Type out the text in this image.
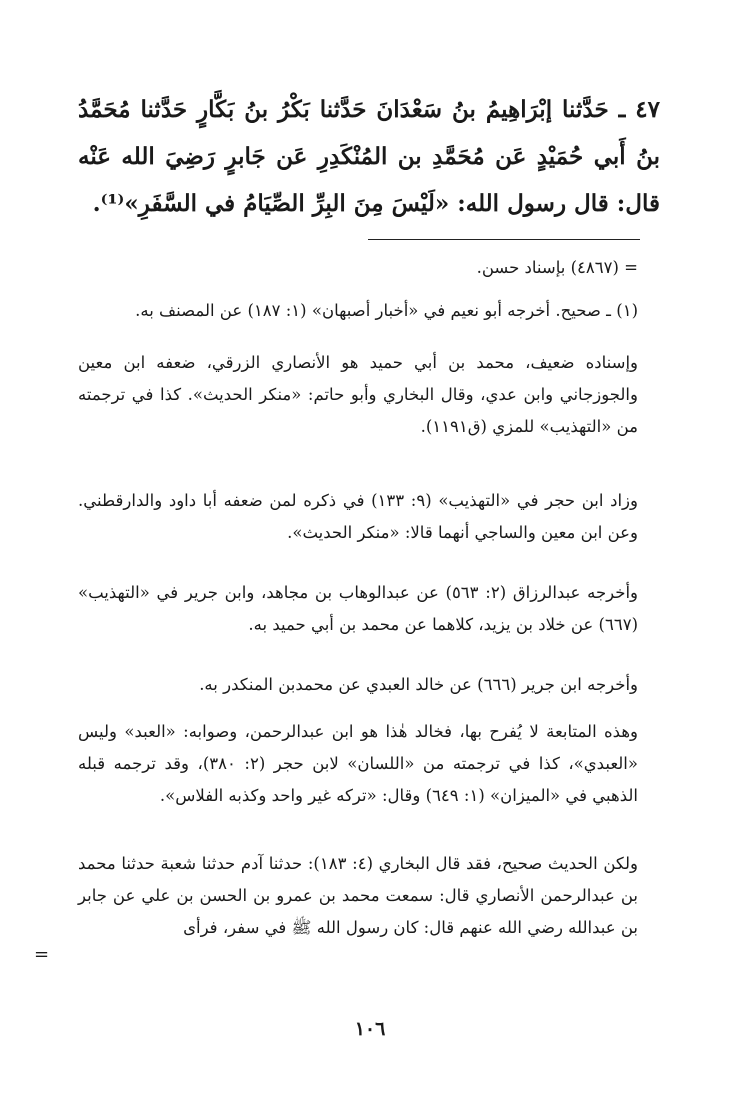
٤٧ ـ حَدَّثنا إبْرَاهِيمُ بنُ سَعْدَانَ حَدَّثنا بَكْرُ بنُ بَكَّارٍ حَدَّثنا مُحَمَّدُ بنُ أَبي حُمَيْدٍ عَن مُحَمَّدِ بن المُنْكَدِرِ عَن جَابرٍ رَضِيَ الله عَنْه قال: قال رسول الله: «لَيْسَ مِنَ البِرِّ الصِّيَامُ في السَّفَرِ»⁽¹⁾.
= (٤٨٦٧) بإسناد حسن.
(١) ـ صحيح. أخرجه أبو نعيم في «أخبار أصبهان» (١: ١٨٧) عن المصنف به.
وإسناده ضعيف، محمد بن أبي حميد هو الأنصاري الزرقي، ضعفه ابن معين والجوزجاني وابن عدي، وقال البخاري وأبو حاتم: «منكر الحديث». كذا في ترجمته من «التهذيب» للمزي (ق١١٩١).
وزاد ابن حجر في «التهذيب» (٩: ١٣٣) في ذكره لمن ضعفه أبا داود والدارقطني. وعن ابن معين والساجي أنهما قالا: «منكر الحديث».
وأخرجه عبدالرزاق (٢: ٥٦٣) عن عبدالوهاب بن مجاهد، وابن جرير في «التهذيب» (٦٦٧) عن خلاد بن يزيد، كلاهما عن محمد بن أبي حميد به.
وأخرجه ابن جرير (٦٦٦) عن خالد العبدي عن محمدبن المنكدر به.
وهذه المتابعة لا يُفرح بها، فخالد هٰذا هو ابن عبدالرحمن، وصوابه: «العبد» وليس «العبدي»، كذا في ترجمته من «اللسان» لابن حجر (٢: ٣٨٠)، وقد ترجمه قبله الذهبي في «الميزان» (١: ٦٤٩) وقال: «تركه غير واحد وكذبه الفلاس».
ولكن الحديث صحيح، فقد قال البخاري (٤: ١٨٣): حدثنا آدم حدثنا شعبة حدثنا محمد بن عبدالرحمن الأنصاري قال: سمعت محمد بن عمرو بن الحسن بن علي عن جابر بن عبدالله رضي الله عنهم قال: كان رسول الله ﷺ في سفر، فرأى
=
١٠٦
